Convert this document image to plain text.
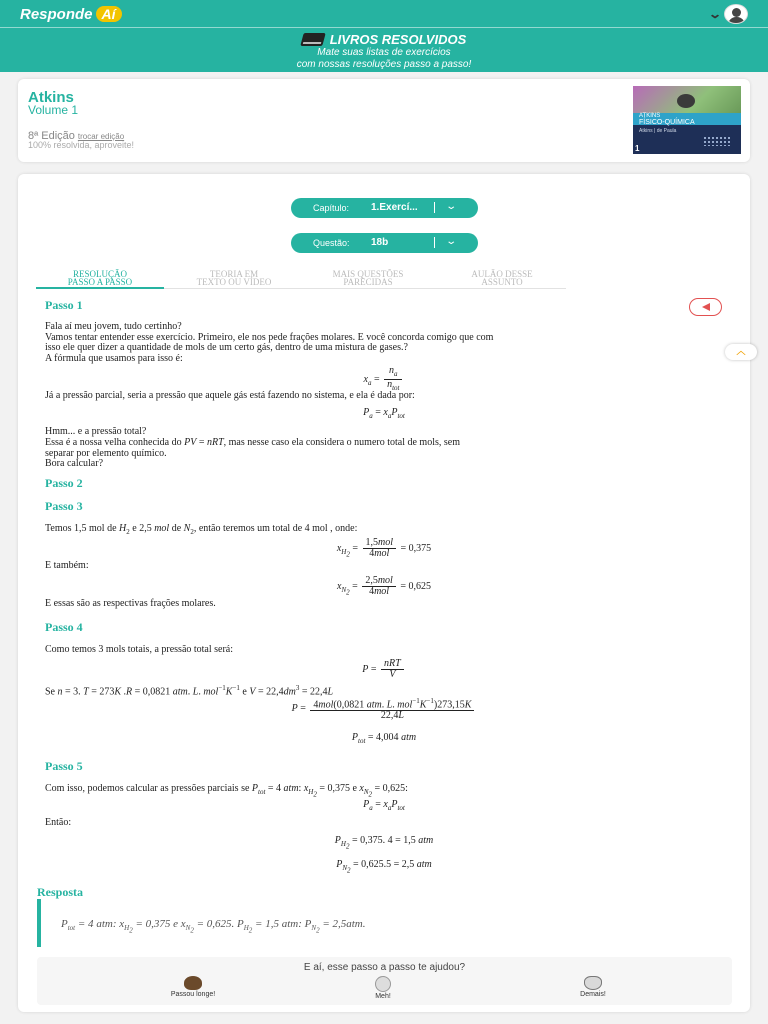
Responde Aí	⌄
LIVROS RESOLVIDOS
Mate suas listas de exercícios
com nossas resoluções passo a passo!
Atkins
Volume 1
8ª Edição trocar edição
100% resolvida, aproveite!
ATKINS
FÍSICO-QUÍMICA
Atkins | de Paula
1
Capítulo: 1.Exercí...	⌄
Questão: 18b	⌄
RESOLUÇÃO
PASSO A PASSO
TEORIA EM
TEXTO OU VÍDEO
MAIS QUESTÕES
PARECIDAS
AULÃO DESSE
ASSUNTO
Passo 1
Fala aí meu jovem, tudo certinho?
Vamos tentar entender esse exercício. Primeiro, ele nos pede frações molares. E você concorda comigo que com
isso ele quer dizer a quantidade de mols de um certo gás, dentro de uma mistura de gases.?
A fórmula que usamos para isso é:
$x_a = \frac{n_a}{n_{tot}}$
Já a pressão parcial, seria a pressão que aquele gás está fazendo no sistema, e ela é dada por:
$P_a = x_aP_{tot}$
Hmm... e a pressão total?
Essa é a nossa velha conhecida do PV = nRT, mas nesse caso ela considera o numero total de mols, sem
separar por elemento químico.
Bora calcular?
Passo 2
Passo 3
Temos 1,5 mol de $H_2$ e 2,5 mol de $N_2$, então teremos um total de 4 mol , onde:
$x_{H_2} = \frac{\text{1,5mol}}{\text{4mol}} = 0,375$
E também:
$x_{N_2} = \frac{\text{2,5mol}}{\text{4mol}} = 0,625$
E essas são as respectivas frações molares.
Passo 4
Como temos 3 mols totais, a pressão total será:
$P = \frac{\text{nRT}}{V}$
Se n = 3. T = 273K .R = 0,0821 atm. L. $mol^{-1}K^{-1}$ e $V = 22,4dm^3 = 22,4L$
$P = \frac{4mol(0,0821 atm. L. mol^{-1}K^{-1})273,15K}{22,4L}$
$P_{tot} = 4,004$ atm
Passo 5
Com isso, podemos calcular as pressões parciais se $P_{tot} = 4$ atm: $x_{H_2} = 0,375$ e $x_{N_2} = 0,625$:
$P_a = x_aP_{tot}$
Então:
$P_{H_2} = 0,375$. 4 = 1,5 atm
$P_{N_2} = 0,625.5 = 2,5$ atm
Resposta
$P_{tot} = 4$ atm: $x_{H_2} = 0,375$ e $x_{N_2} = 0,625$. $P_{H_2} = 1,5$ atm: $P_{N_2} = 2,5atm$.
E aí, esse passo a passo te ajudou?
Passou longe!	Meh!	Demais!
︿
